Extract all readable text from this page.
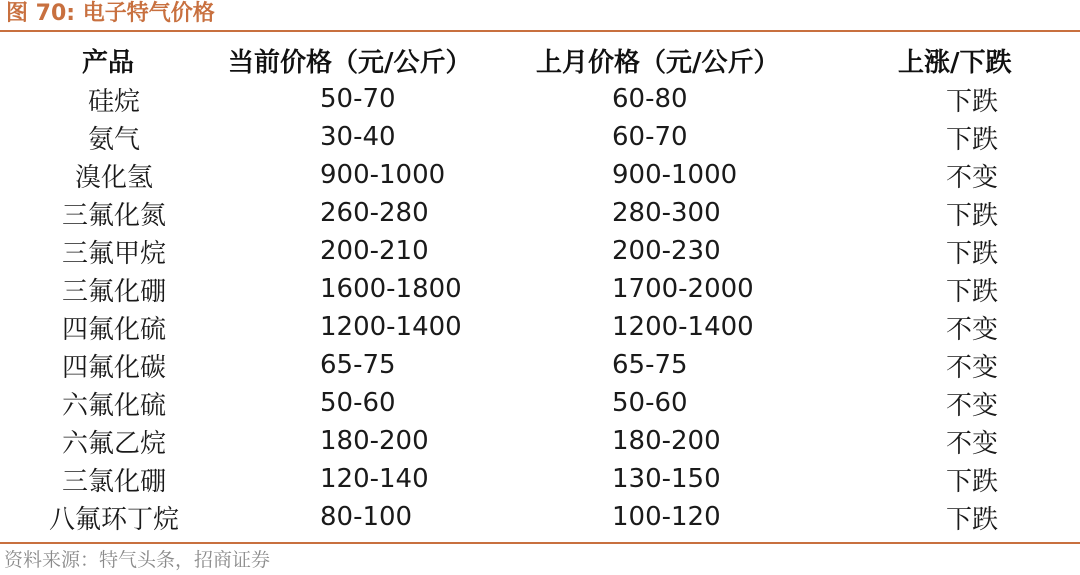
图 70: 电子特气价格
产品	当前价格（元/公斤）	上月价格（元/公斤）	上涨/下跌
硅烷	50-70	60-80	下跌
氨气	30-40	60-70	下跌
溴化氢	900-1000	900-1000	不变
三氟化氮	260-280	280-300	下跌
三氟甲烷	200-210	200-230	下跌
三氟化硼	1600-1800	1700-2000	下跌
四氟化硫	1200-1400	1200-1400	不变
四氟化碳	65-75	65-75	不变
六氟化硫	50-60	50-60	不变
六氟乙烷	180-200	180-200	不变
三氯化硼	120-140	130-150	下跌
八氟环丁烷	80-100	100-120	下跌
资料来源：特气头条，招商证券
